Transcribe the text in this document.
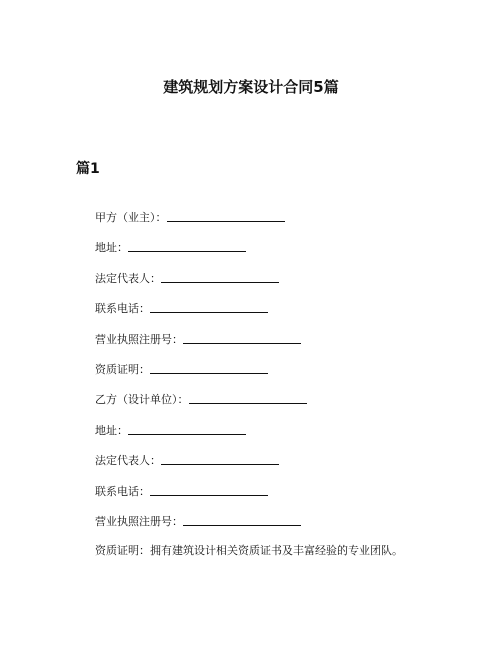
建筑规划方案设计合同5篇
篇1
甲方（业主）：
地址：
法定代表人：
联系电话：
营业执照注册号：
资质证明：
乙方（设计单位）：
地址：
法定代表人：
联系电话：
营业执照注册号：
资质证明：拥有建筑设计相关资质证书及丰富经验的专业团队。
